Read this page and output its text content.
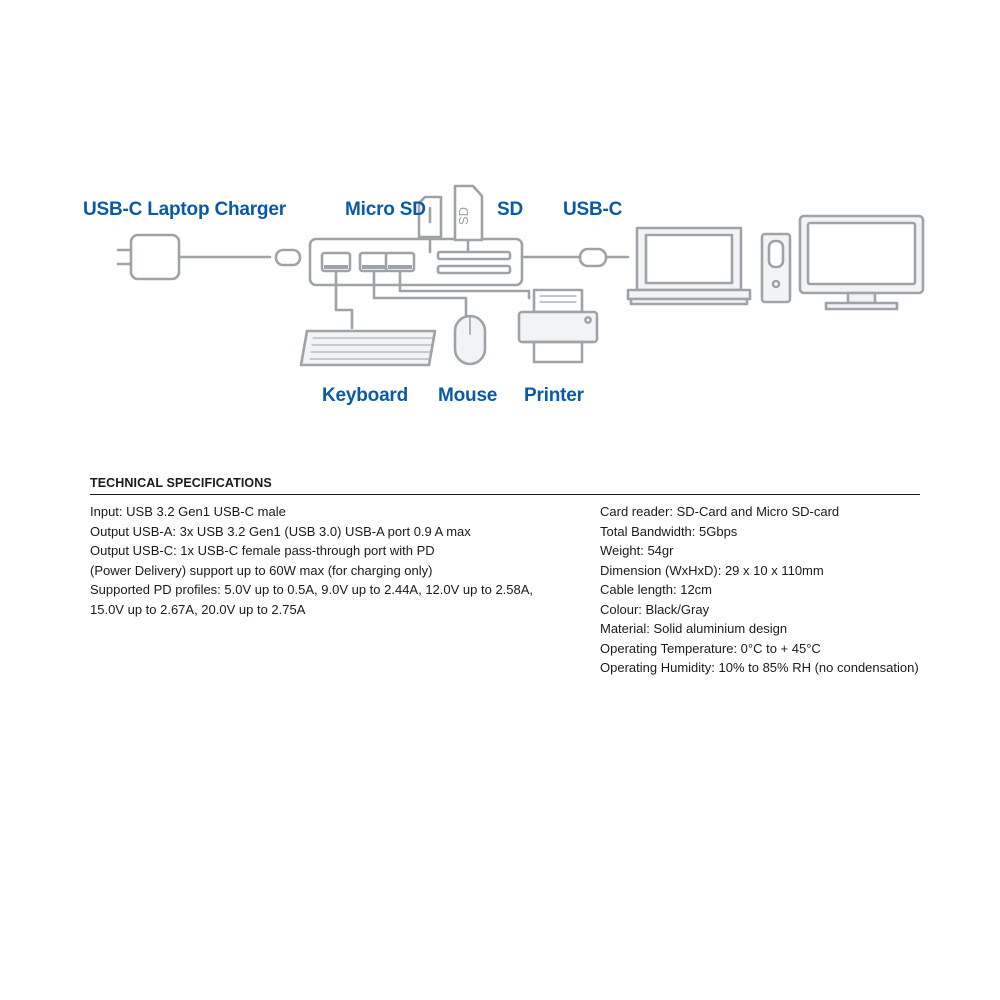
SD
USB-C Laptop Charger	Micro SD	SD USB-C
Keyboard Mouse Printer
TECHNICAL SPECIFICATIONS
Input: USB 3.2 Gen1 USB-C male
Output USB-A: 3x USB 3.2 Gen1 (USB 3.0) USB-A port 0.9 A max
Output USB-C: 1x USB-C female pass-through port with PD
(Power Delivery) support up to 60W max (for charging only)
Supported PD profiles: 5.0V up to 0.5A, 9.0V up to 2.44A, 12.0V up to 2.58A,
15.0V up to 2.67A, 20.0V up to 2.75A
Card reader: SD-Card and Micro SD-card
Total Bandwidth: 5Gbps
Weight: 54gr
Dimension (WxHxD): 29 x 10 x 110mm
Cable length: 12cm
Colour: Black/Gray
Material: Solid aluminium design
Operating Temperature: 0°C to + 45°C
Operating Humidity: 10% to 85% RH (no condensation)
